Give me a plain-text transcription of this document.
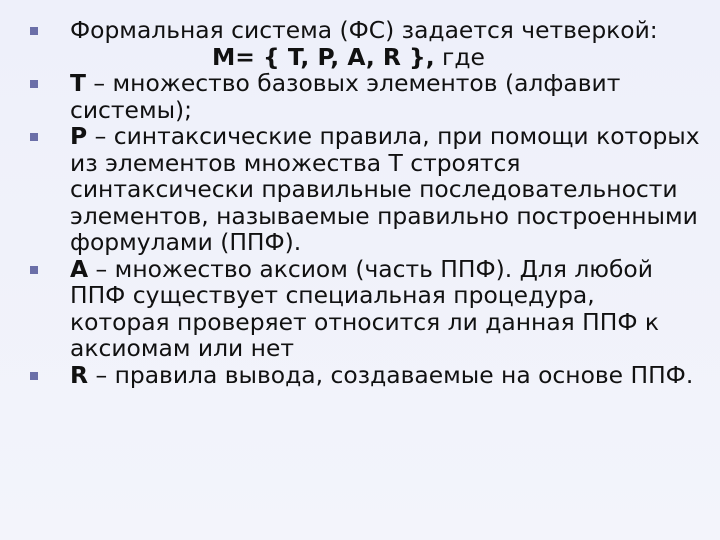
Формальная система (ФС) задается четверкой:
M= { T, P, A, R }, где
T – множество базовых элементов (алфавит системы);
P – синтаксические правила, при помощи которых из элементов множества Т строятся синтаксически правильные последовательности элементов, называемые правильно построенными формулами (ППФ).
A – множество аксиом (часть ППФ). Для любой ППФ существует специальная процедура, которая проверяет относится ли данная ППФ к аксиомам или нет
R – правила вывода, создаваемые на основе ППФ.
